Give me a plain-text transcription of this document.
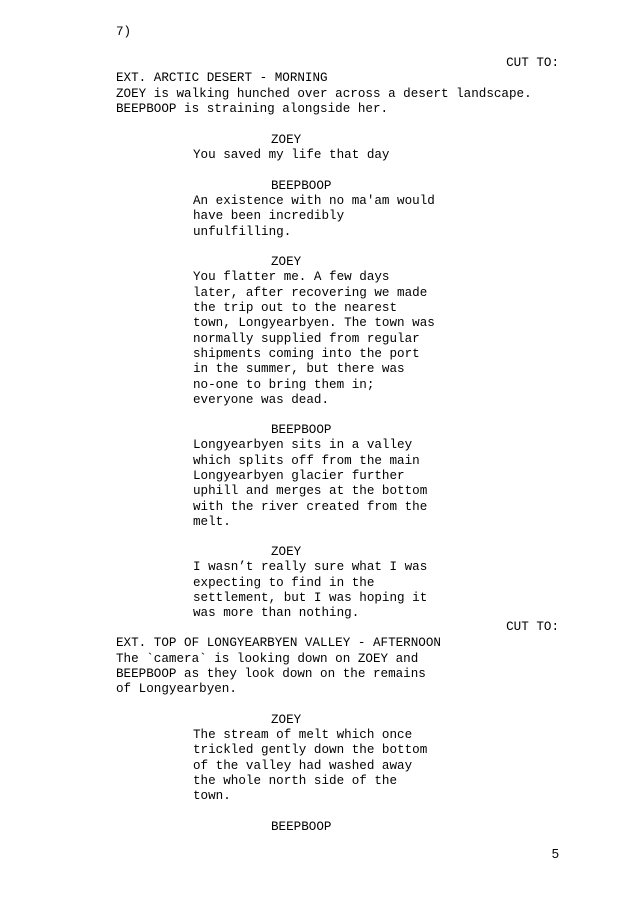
7)
CUT TO:
EXT. ARCTIC DESERT - MORNING
ZOEY is walking hunched over across a desert landscape.
BEEPBOOP is straining alongside her.
ZOEY
You saved my life that day
BEEPBOOP
An existence with no ma'am would
have been incredibly
unfulfilling.
ZOEY
You flatter me. A few days
later, after recovering we made
the trip out to the nearest
town, Longyearbyen. The town was
normally supplied from regular
shipments coming into the port
in the summer, but there was
no-one to bring them in;
everyone was dead.
BEEPBOOP
Longyearbyen sits in a valley
which splits off from the main
Longyearbyen glacier further
uphill and merges at the bottom
with the river created from the
melt.
ZOEY
I wasn’t really sure what I was
expecting to find in the
settlement, but I was hoping it
was more than nothing.
CUT TO:
EXT. TOP OF LONGYEARBYEN VALLEY - AFTERNOON
The `camera` is looking down on ZOEY and
BEEPBOOP as they look down on the remains
of Longyearbyen.
ZOEY
The stream of melt which once
trickled gently down the bottom
of the valley had washed away
the whole north side of the
town.
BEEPBOOP
5
